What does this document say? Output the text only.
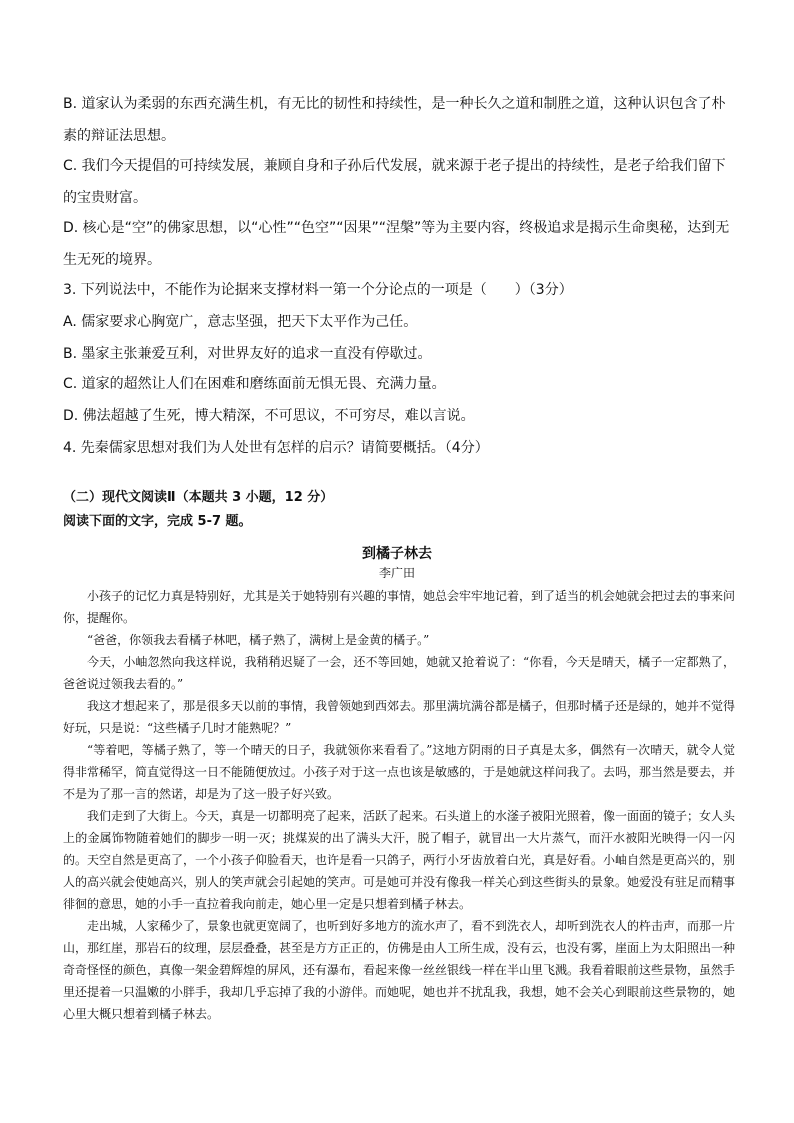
B. 道家认为柔弱的东西充满生机，有无比的韧性和持续性，是一种长久之道和制胜之道，这种认识包含了朴素的辩证法思想。

C. 我们今天提倡的可持续发展，兼顾自身和子孙后代发展，就来源于老子提出的持续性，是老子给我们留下的宝贵财富。

D. 核心是“空”的佛家思想，以“心性”“色空”“因果”“涅槃”等为主要内容，终极追求是揭示生命奥秘，达到无生无死的境界。

3. 下列说法中，不能作为论据来支撑材料一第一个分论点的一项是（　　）（3分）

A. 儒家要求心胸宽广，意志坚强，把天下太平作为己任。

B. 墨家主张兼爱互利，对世界友好的追求一直没有停歇过。

C. 道家的超然让人们在困难和磨练面前无惧无畏、充满力量。

D. 佛法超越了生死，博大精深，不可思议，不可穷尽，难以言说。

4. 先秦儒家思想对我们为人处世有怎样的启示？请简要概括。（4分）

（二）现代文阅读Ⅱ（本题共 3 小题，12 分）

阅读下面的文字，完成 5-7 题。

到橘子林去

李广田

小孩子的记忆力真是特别好，尤其是关于她特别有兴趣的事情，她总会牢牢地记着，到了适当的机会她就会把过去的事来问你，提醒你。

“爸爸，你领我去看橘子林吧，橘子熟了，满树上是金黄的橘子。”

今天，小岫忽然向我这样说，我稍稍迟疑了一会，还不等回她，她就又抢着说了：“你看，今天是晴天，橘子一定都熟了，爸爸说过领我去看的。”

我这才想起来了，那是很多天以前的事情，我曾领她到西郊去。那里满坑满谷都是橘子，但那时橘子还是绿的，她并不觉得好玩，只是说：“这些橘子几时才能熟呢？”

“等着吧，等橘子熟了，等一个晴天的日子，我就领你来看看了。”这地方阴雨的日子真是太多，偶然有一次晴天，就令人觉得非常稀罕，简直觉得这一日不能随便放过。小孩子对于这一点也该是敏感的，于是她就这样问我了。去吗，那当然是要去，并不是为了那一言的然诺，却是为了这一股子好兴致。

我们走到了大街上。今天，真是一切都明亮了起来，活跃了起来。石头道上的水滏子被阳光照着，像一面面的镜子；女人头上的金属饰物随着她们的脚步一明一灭；挑煤炭的出了满头大汗，脱了帽子，就冒出一大片蒸气，而汗水被阳光映得一闪一闪的。天空自然是更高了，一个小孩子仰脸看天，也许是看一只鸽子，两行小牙齿放着白光，真是好看。小岫自然是更高兴的，别人的高兴就会使她高兴，别人的笑声就会引起她的笑声。可是她可并没有像我一样关心到这些街头的景象。她爱没有驻足而精事徘徊的意思，她的小手一直拉着我向前走，她心里一定是只想着到橘子林去。

走出城，人家稀少了，景象也就更宽阔了，也听到好多地方的流水声了，看不到洗衣人，却听到洗衣人的杵击声，而那一片山，那红崖，那岩石的纹理，层层叠叠，甚至是方方正正的，仿佛是由人工所生成，没有云，也没有雾，崖面上为太阳照出一种奇奇怪怪的颜色，真像一架金碧辉煌的屏风，还有瀑布，看起来像一丝丝银线一样在半山里飞溅。我看着眼前这些景物，虽然手里还提着一只温嫩的小胖手，我却几乎忘掉了我的小游伴。而她呢，她也并不扰乱我，我想，她不会关心到眼前这些景物的，她心里大概只想着到橘子林去。
